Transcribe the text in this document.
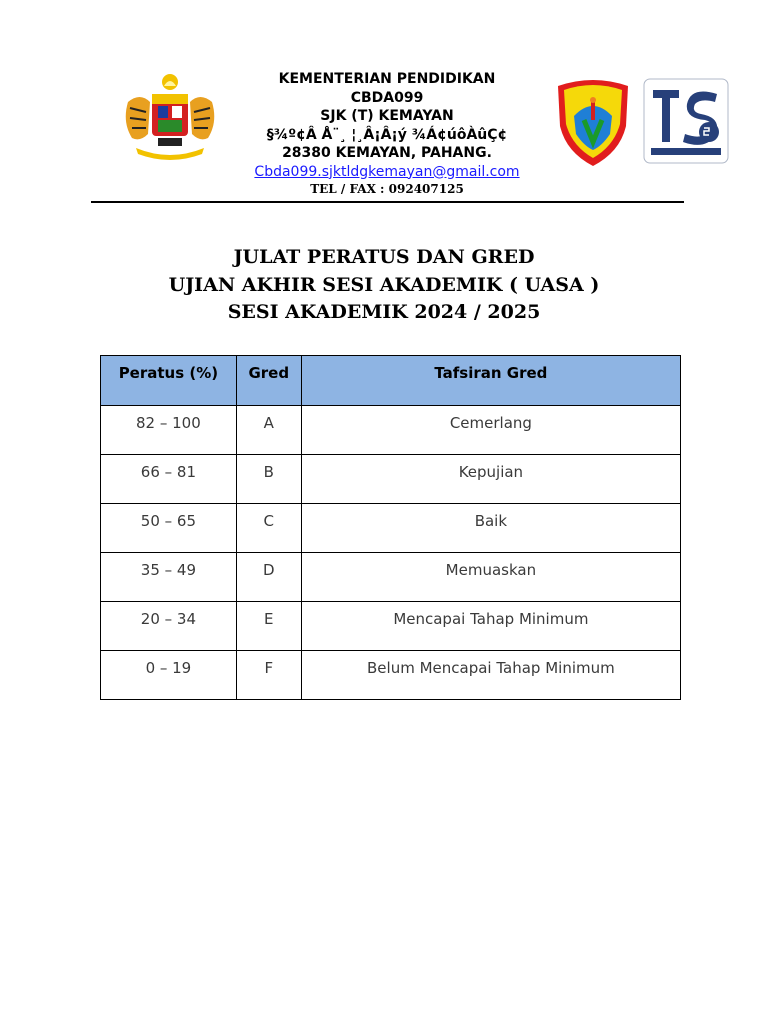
KEMENTERIAN PENDIDIKAN
CBDA099
SJK (T) KEMAYAN
§¾º¢Â Å¨¸ ¦¸Â¡Â¡ý ¾Á¢úôÀûÇ¢
28380 KEMAYAN, PAHANG.
Cbda099.sjktldgkemayan@gmail.com
TEL / FAX : 092407125
JULAT PERATUS DAN GRED
UJIAN AKHIR SESI AKADEMIK ( UASA )
SESI AKADEMIK 2024 / 2025
Peratus (%)	Gred	Tafsiran Gred
82 – 100	A	Cemerlang
66 – 81	B	Kepujian
50 – 65	C	Baik
35 – 49	D	Memuaskan
20 – 34	E	Mencapai Tahap Minimum
0 – 19	F	Belum Mencapai Tahap Minimum
